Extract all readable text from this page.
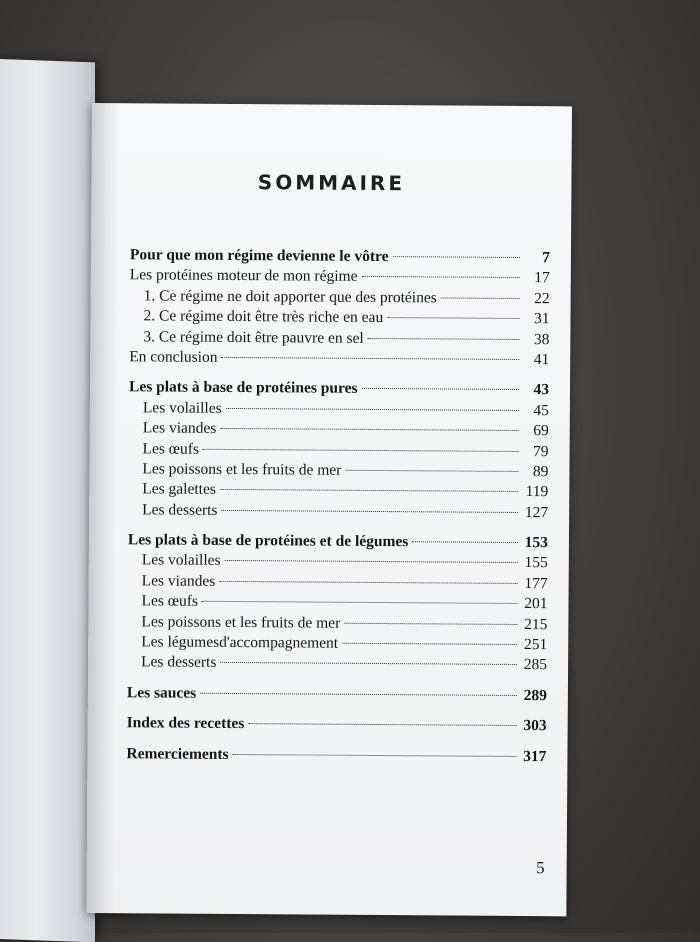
SOMMAIRE
Pour que mon régime devienne le vôtre	7
Les protéines moteur de mon régime	17
1. Ce régime ne doit apporter que des protéines	22
2. Ce régime doit être très riche en eau	31
3. Ce régime doit être pauvre en sel	38
En conclusion	41
Les plats à base de protéines pures	43
Les volailles	45
Les viandes	69
Les œufs	79
Les poissons et les fruits de mer	89
Les galettes	119
Les desserts	127
Les plats à base de protéines et de légumes	153
Les volailles	155
Les viandes	177
Les œufs	201
Les poissons et les fruits de mer	215
Les légumesd'accompagnement	251
Les desserts	285
Les sauces	289
Index des recettes	303
Remerciements	317
5
